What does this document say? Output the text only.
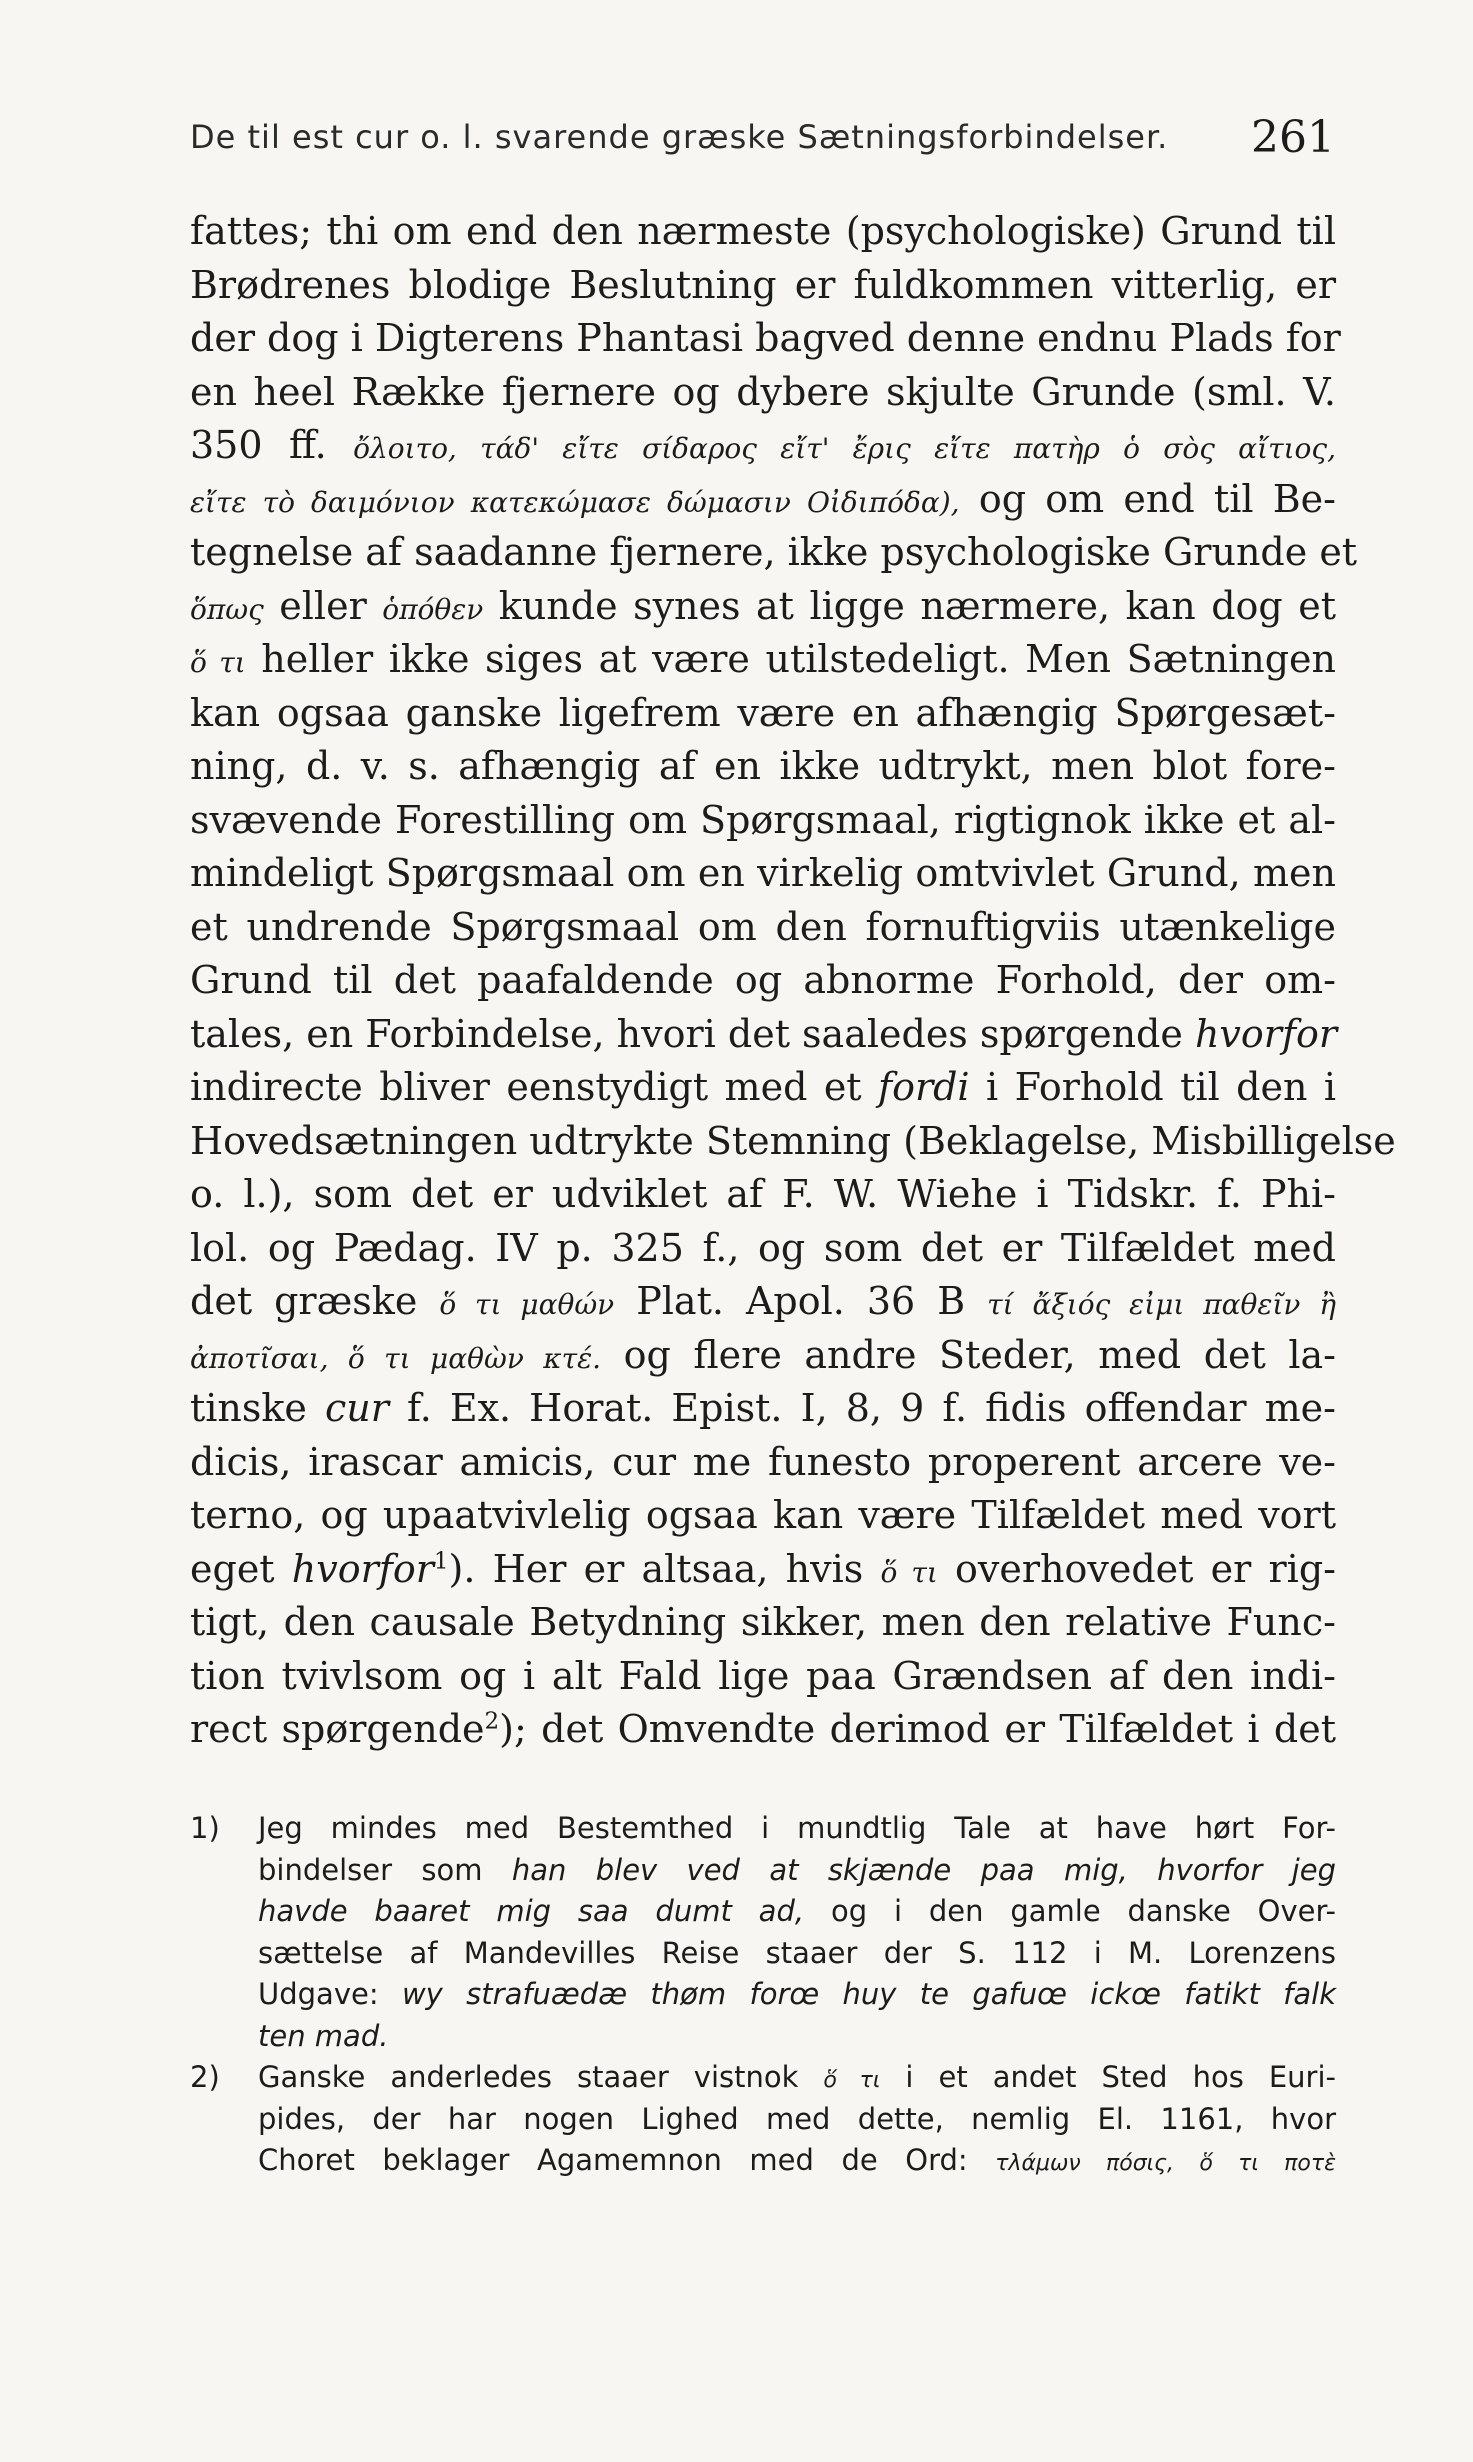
De til est cur o. l. svarende græske Sætningsforbindelser. 261
fattes; thi om end den nærmeste (psychologiske) Grund til
Brødrenes blodige Beslutning er fuldkommen vitterlig, er
der dog i Digterens Phantasi bagved denne endnu Plads for
en heel Række fjernere og dybere skjulte Grunde (sml. V.
350 ff. ὄλοιτο, τάδ' εἴτε σίδαρος εἴτ' ἔρις εἴτε πατὴρ ὁ σὸς αἴτιος,
εἴτε τὸ δαιμόνιον κατεκώμασε δώμασιν Οἰδιπόδα), og om end til Be-
tegnelse af saadanne fjernere, ikke psychologiske Grunde et
ὅπως eller ὁπόθεν kunde synes at ligge nærmere, kan dog et
ὅ τι heller ikke siges at være utilstedeligt. Men Sætningen
kan ogsaa ganske ligefrem være en afhængig Spørgesæt-
ning, d. v. s. afhængig af en ikke udtrykt, men blot fore-
svævende Forestilling om Spørgsmaal, rigtignok ikke et al-
mindeligt Spørgsmaal om en virkelig omtvivlet Grund, men
et undrende Spørgsmaal om den fornuftigviis utænkelige
Grund til det paafaldende og abnorme Forhold, der om-
tales, en Forbindelse, hvori det saaledes spørgende hvorfor
indirecte bliver eenstydigt med et fordi i Forhold til den i
Hovedsætningen udtrykte Stemning (Beklagelse, Misbilligelse
o. l.), som det er udviklet af F. W. Wiehe i Tidskr. f. Phi-
lol. og Pædag. IV p. 325 f., og som det er Tilfældet med
det græske ὅ τι μαθών Plat. Apol. 36 B τί ἄξιός εἰμι παθεῖν ἢ
ἀποτῖσαι, ὅ τι μαθὼν κτέ. og flere andre Steder, med det la-
tinske cur f. Ex. Horat. Epist. I, 8, 9 f. fidis offendar me-
dicis, irascar amicis, cur me funesto properent arcere ve-
terno, og upaatvivlelig ogsaa kan være Tilfældet med vort
eget hvorfor$^1$). Her er altsaa, hvis ὅ τι overhovedet er rig-
tigt, den causale Betydning sikker, men den relative Func-
tion tvivlsom og i alt Fald lige paa Grændsen af den indi-
rect spørgende$^2$); det Omvendte derimod er Tilfældet i det
1) Jeg mindes med Bestemthed i mundtlig Tale at have hørt For-
bindelser som han blev ved at skjænde paa mig, hvorfor jeg
havde baaret mig saa dumt ad, og i den gamle danske Over-
sættelse af Mandevilles Reise staaer der S. 112 i M. Lorenzens
Udgave: wy strafuædæ thøm forœ huy te gafuœ ickœ fatikt falk
ten mad.
2) Ganske anderledes staaer vistnok ὅ τι i et andet Sted hos Euri-
pides, der har nogen Lighed med dette, nemlig El. 1161, hvor
Choret beklager Agamemnon med de Ord: τλάμων πόσις, ὅ τι ποτὲ
